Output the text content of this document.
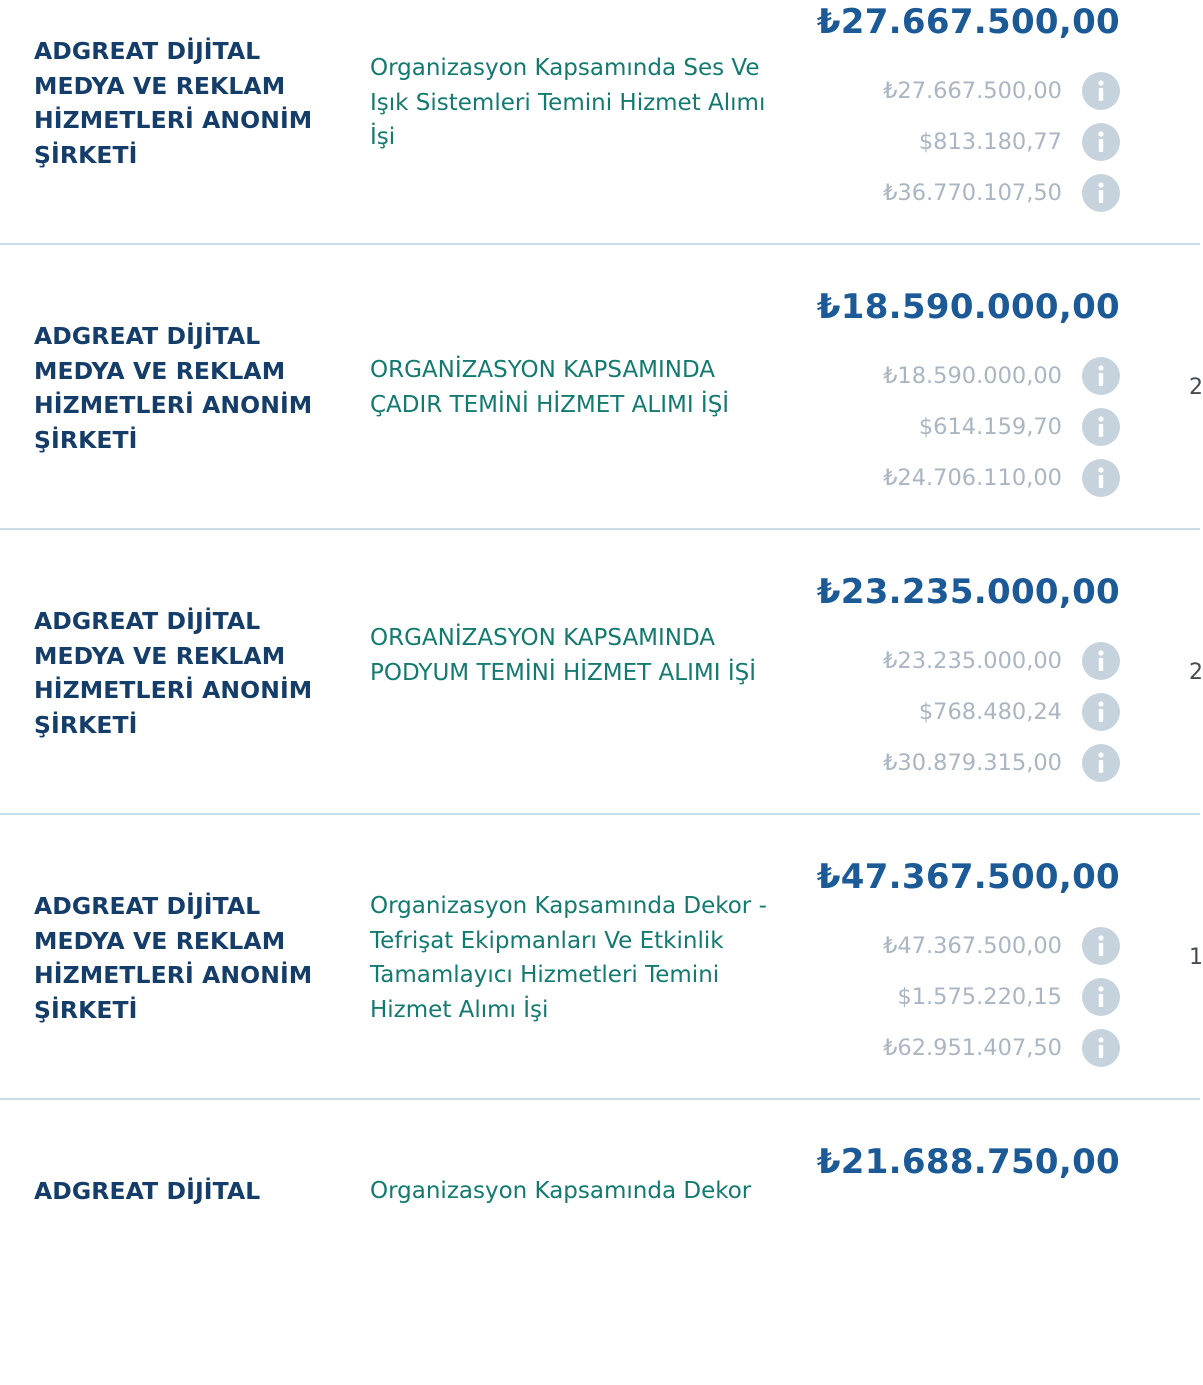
ADGREAT DİJİTAL MEDYA VE REKLAM HİZMETLERİ ANONİM ŞİRKETİ
Organizasyon Kapsamında Ses Ve Işık Sistemleri Temini Hizmet Alımı İşi
₺27.667.500,00
₺27.667.500,00
$813.180,77
₺36.770.107,50
ADGREAT DİJİTAL MEDYA VE REKLAM HİZMETLERİ ANONİM ŞİRKETİ
ORGANİZASYON KAPSAMINDA ÇADIR TEMİNİ HİZMET ALIMI İŞİ
₺18.590.000,00
₺18.590.000,00
$614.159,70
₺24.706.110,00
2
ADGREAT DİJİTAL MEDYA VE REKLAM HİZMETLERİ ANONİM ŞİRKETİ
ORGANİZASYON KAPSAMINDA PODYUM TEMİNİ HİZMET ALIMI İŞİ
₺23.235.000,00
₺23.235.000,00
$768.480,24
₺30.879.315,00
2
ADGREAT DİJİTAL MEDYA VE REKLAM HİZMETLERİ ANONİM ŞİRKETİ
Organizasyon Kapsamında Dekor - Tefrişat Ekipmanları Ve Etkinlik Tamamlayıcı Hizmetleri Temini Hizmet Alımı İşi
₺47.367.500,00
₺47.367.500,00
$1.575.220,15
₺62.951.407,50
1
ADGREAT DİJİTAL	Organizasyon Kapsamında Dekor
₺21.688.750,00
